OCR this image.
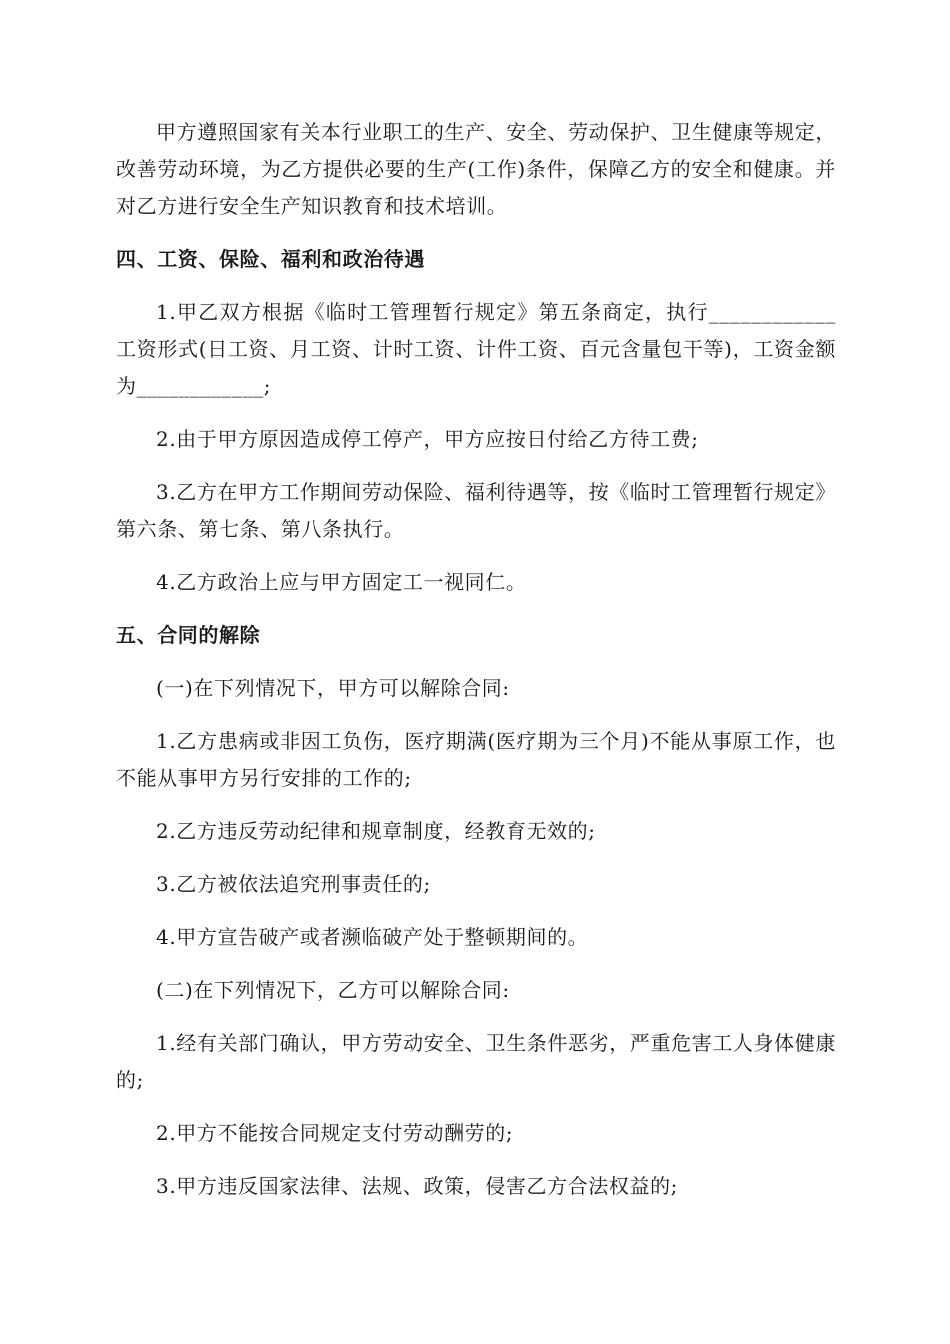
甲方遵照国家有关本行业职工的生产、安全、劳动保护、卫生健康等规定，改善劳动环境，为乙方提供必要的生产(工作)条件，保障乙方的安全和健康。并对乙方进行安全生产知识教育和技术培训。

四、工资、保险、福利和政治待遇

1.甲乙双方根据《临时工管理暂行规定》第五条商定，执行____________工资形式(日工资、月工资、计时工资、计件工资、百元含量包干等)，工资金额为____________;

2.由于甲方原因造成停工停产，甲方应按日付给乙方待工费;

3.乙方在甲方工作期间劳动保险、福利待遇等，按《临时工管理暂行规定》第六条、第七条、第八条执行。

4.乙方政治上应与甲方固定工一视同仁。

五、合同的解除

(一)在下列情况下，甲方可以解除合同:

1.乙方患病或非因工负伤，医疗期满(医疗期为三个月)不能从事原工作，也不能从事甲方另行安排的工作的;

2.乙方违反劳动纪律和规章制度，经教育无效的;

3.乙方被依法追究刑事责任的;

4.甲方宣告破产或者濒临破产处于整顿期间的。

(二)在下列情况下，乙方可以解除合同:

1.经有关部门确认，甲方劳动安全、卫生条件恶劣，严重危害工人身体健康的;

2.甲方不能按合同规定支付劳动酬劳的;

3.甲方违反国家法律、法规、政策，侵害乙方合法权益的;
